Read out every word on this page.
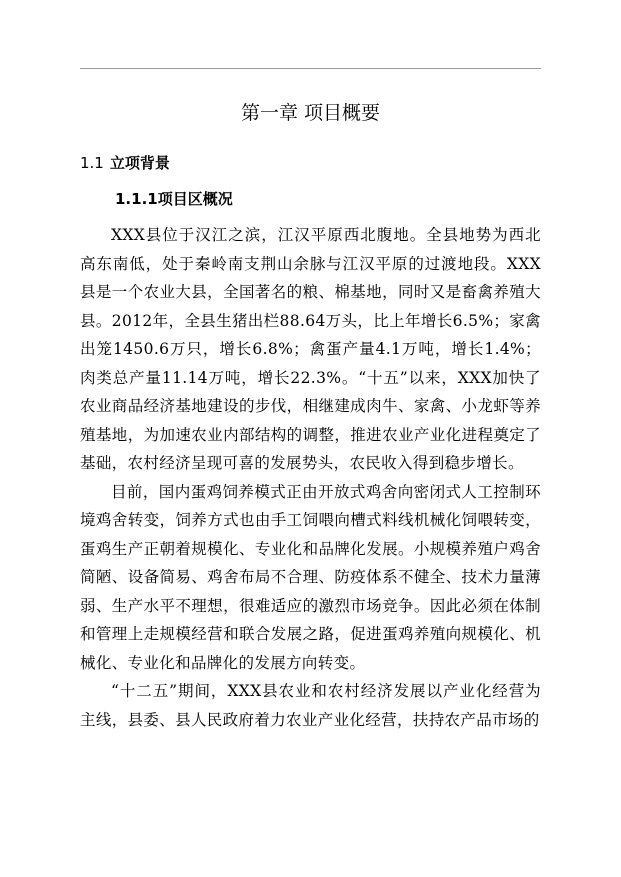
第一章 项目概要
1.1 立项背景
1.1.1项目区概况

XXX县位于汉江之滨，江汉平原西北腹地。全县地势为西北高东南低，处于秦岭南支荆山余脉与江汉平原的过渡地段。XXX县是一个农业大县，全国著名的粮、棉基地，同时又是畜禽养殖大县。2012年，全县生猪出栏88.64万头，比上年增长6.5%；家禽出笼1450.6万只，增长6.8%；禽蛋产量4.1万吨，增长1.4%；肉类总产量11.14万吨，增长22.3%。“十五”以来，XXX加快了农业商品经济基地建设的步伐，相继建成肉牛、家禽、小龙虾等养殖基地，为加速农业内部结构的调整，推进农业产业化进程奠定了基础，农村经济呈现可喜的发展势头，农民收入得到稳步增长。

目前，国内蛋鸡饲养模式正由开放式鸡舍向密闭式人工控制环境鸡舍转变，饲养方式也由手工饲喂向槽式料线机械化饲喂转变，蛋鸡生产正朝着规模化、专业化和品牌化发展。小规模养殖户鸡舍简陋、设备简易、鸡舍布局不合理、防疫体系不健全、技术力量薄弱、生产水平不理想，很难适应的激烈市场竞争。因此必须在体制和管理上走规模经营和联合发展之路，促进蛋鸡养殖向规模化、机械化、专业化和品牌化的发展方向转变。

“十二五”期间，XXX县农业和农村经济发展以产业化经营为主线，县委、县人民政府着力农业产业化经营，扶持农产品市场的
